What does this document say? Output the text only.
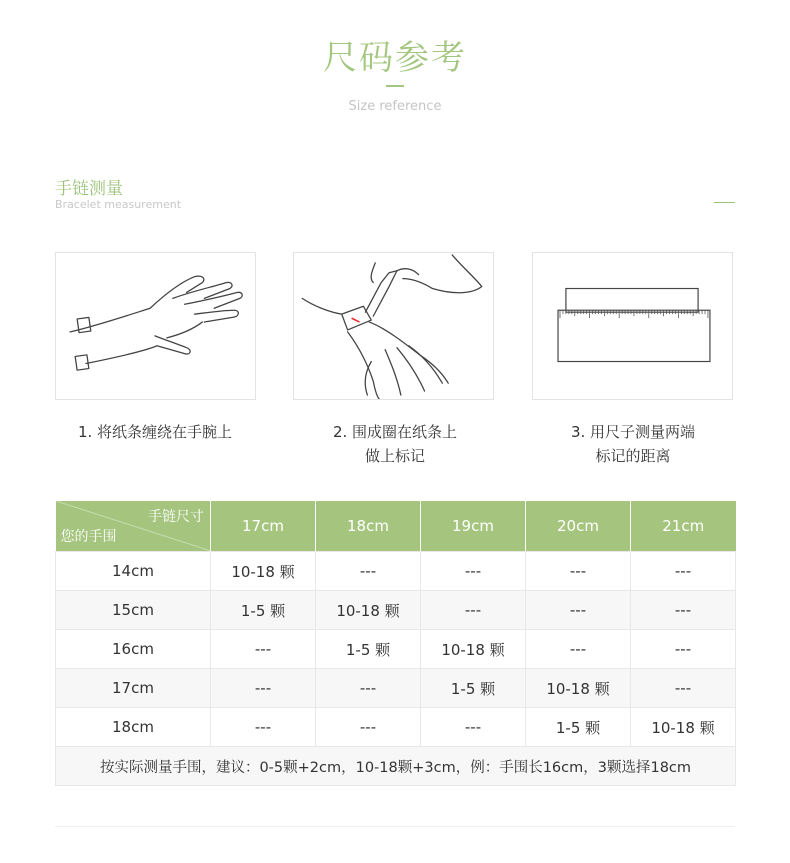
尺码参考
Size reference
手链测量
Bracelet measurement
1. 将纸条缠绕在手腕上	2. 围成圈在纸条上
做上标记
3. 用尺子测量两端
标记的距离
手链尺寸
您的手围	17cm	18cm	19cm	20cm	21cm
14cm	10-18 颗	---	---	---	---
15cm	1-5 颗	10-18 颗	---	---	---
16cm	---	1-5 颗	10-18 颗	---	---
17cm	---	---	1-5 颗	10-18 颗	---
18cm	---	---	---	1-5 颗	10-18 颗
按实际测量手围，建议：0-5颗+2cm，10-18颗+3cm，例：手围长16cm，3颗选择18cm					
